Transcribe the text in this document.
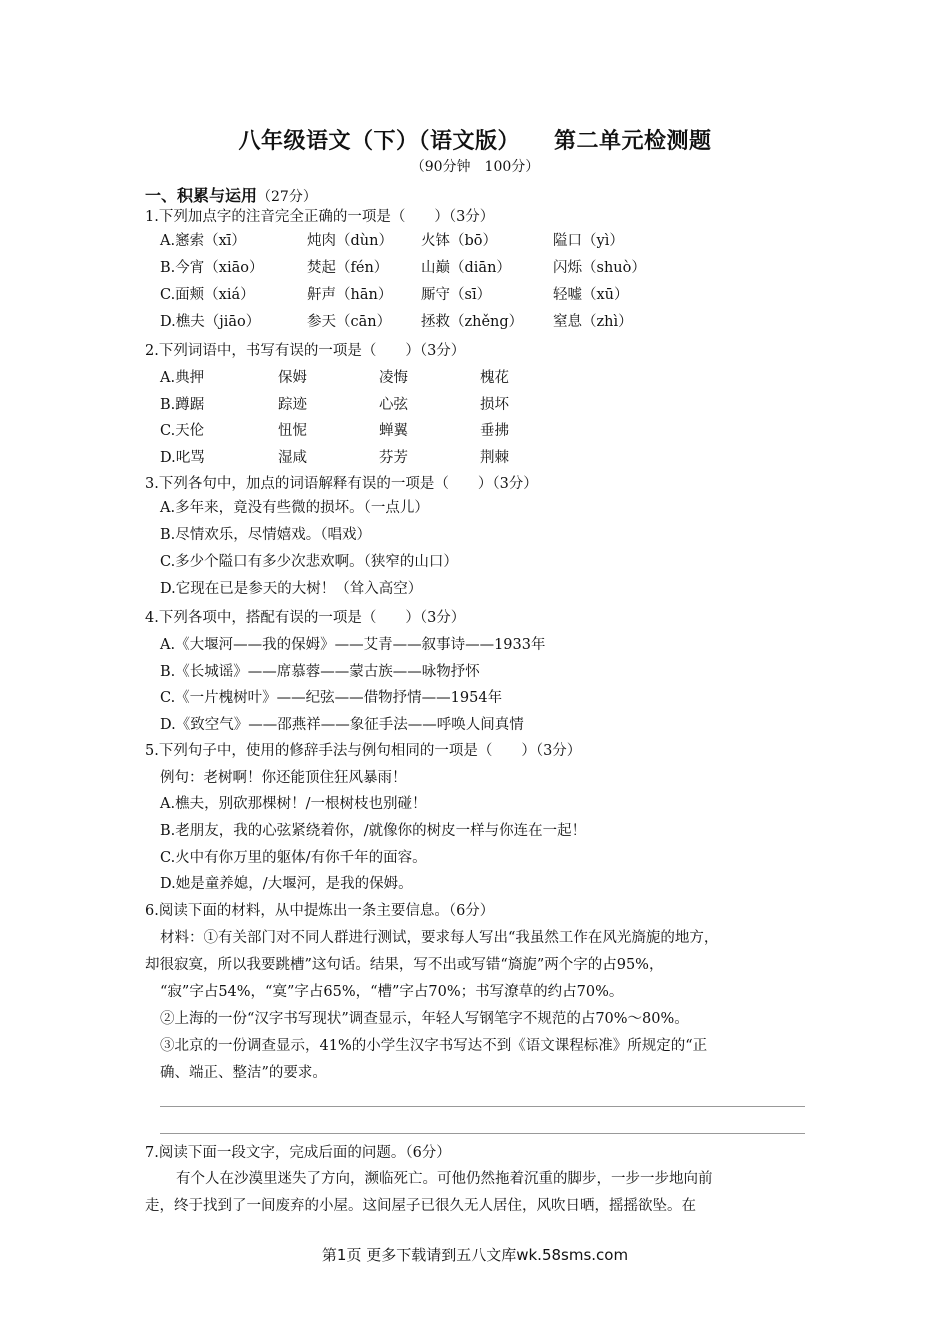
八年级语文（下）（语文版） 第二单元检测题
（90分钟　100分）
一、积累与运用（27分）
1.下列加点字的注音完全正确的一项是（　　）（3分）
A.窸索（xī）	炖肉（dùn） 火钵（bō）	隘口（yì）
B.今宵（xiāo）	焚起（fén） 山巅（diān）	闪烁（shuò）
C.面颊（xiá）	鼾声（hān） 厮守（sī）	轻嘘（xū）
D.樵夫（jiāo）	参天（cān） 拯救（zhěng） 窒息（zhì）
2.下列词语中，书写有误的一项是（　　）（3分）
A.典押	保姆	凌悔	槐花
B.蹲踞	踪迹	心弦	损坏
C.天伦	忸怩	蝉翼	垂拂
D.叱骂	湿咸	芬芳	荆棘
3.下列各句中，加点的词语解释有误的一项是（　　）（3分）
A.多年来，竟没有些微的损坏。（一点儿）
B.尽情欢乐，尽情嬉戏。（唱戏）
C.多少个隘口有多少次悲欢啊。（狭窄的山口）
D.它现在已是参天的大树！（耸入高空）
4.下列各项中，搭配有误的一项是（　　）（3分）
A.《大堰河——我的保姆》——艾青——叙事诗——1933年
B.《长城谣》——席慕蓉——蒙古族——咏物抒怀
C.《一片槐树叶》——纪弦——借物抒情——1954年
D.《致空气》——邵燕祥——象征手法——呼唤人间真情
5.下列句子中，使用的修辞手法与例句相同的一项是（　　）（3分）
例句：老树啊！你还能顶住狂风暴雨！
A.樵夫，别砍那棵树！/一根树枝也别碰！
B.老朋友，我的心弦紧绕着你，/就像你的树皮一样与你连在一起！
C.火中有你万里的躯体/有你千年的面容。
D.她是童养媳，/大堰河，是我的保姆。
6.阅读下面的材料，从中提炼出一条主要信息。（6分）
材料：①有关部门对不同人群进行测试，要求每人写出“我虽然工作在风光旖旎的地方，
却很寂寞，所以我要跳槽”这句话。结果，写不出或写错“旖旎”两个字的占95%，
“寂”字占54%，“寞”字占65%，“槽”字占70%；书写潦草的约占70%。
②上海的一份“汉字书写现状”调查显示，年轻人写钢笔字不规范的占70%～80%。
③北京的一份调查显示，41%的小学生汉字书写达不到《语文课程标准》所规定的“正
确、端正、整洁”的要求。
7.阅读下面一段文字，完成后面的问题。（6分）
有个人在沙漠里迷失了方向，濒临死亡。可他仍然拖着沉重的脚步，一步一步地向前
走，终于找到了一间废弃的小屋。这间屋子已很久无人居住，风吹日晒，摇摇欲坠。在
第1页 更多下载请到五八文库wk.58sms.com
